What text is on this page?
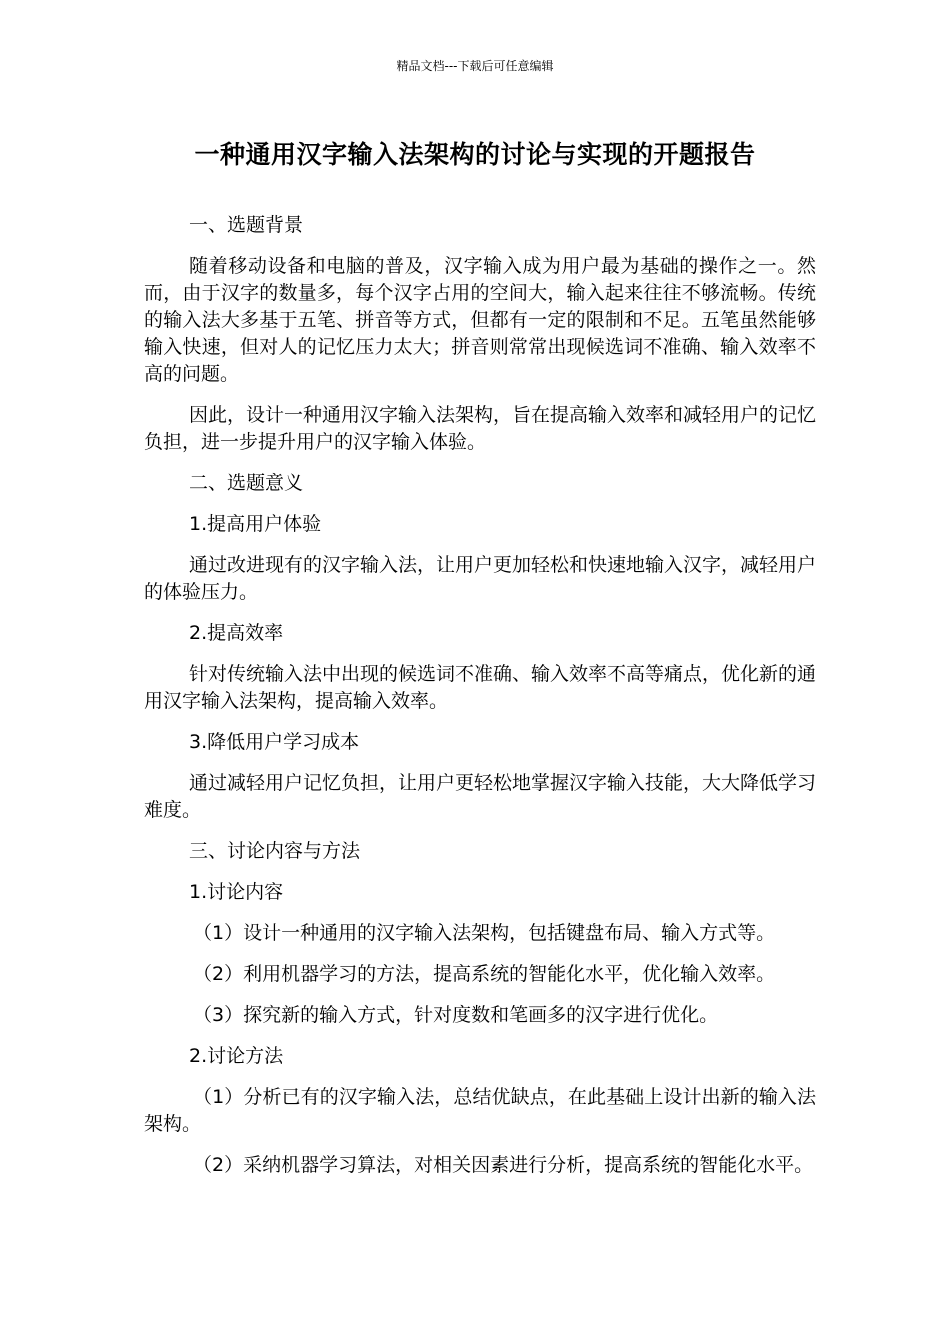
精品文档---下载后可任意编辑
一种通用汉字输入法架构的讨论与实现的开题报告

一、选题背景

随着移动设备和电脑的普及，汉字输入成为用户最为基础的操作之一。然而，由于汉字的数量多，每个汉字占用的空间大，输入起来往往不够流畅。传统的输入法大多基于五笔、拼音等方式，但都有一定的限制和不足。五笔虽然能够输入快速，但对人的记忆压力太大；拼音则常常出现候选词不准确、输入效率不高的问题。

因此，设计一种通用汉字输入法架构，旨在提高输入效率和减轻用户的记忆负担，进一步提升用户的汉字输入体验。

二、选题意义

1.提高用户体验

通过改进现有的汉字输入法，让用户更加轻松和快速地输入汉字，减轻用户的体验压力。

2.提高效率

针对传统输入法中出现的候选词不准确、输入效率不高等痛点，优化新的通用汉字输入法架构，提高输入效率。

3.降低用户学习成本

通过减轻用户记忆负担，让用户更轻松地掌握汉字输入技能，大大降低学习难度。

三、讨论内容与方法

1.讨论内容

（1）设计一种通用的汉字输入法架构，包括键盘布局、输入方式等。

（2）利用机器学习的方法，提高系统的智能化水平，优化输入效率。

（3）探究新的输入方式，针对度数和笔画多的汉字进行优化。

2.讨论方法

（1）分析已有的汉字输入法，总结优缺点，在此基础上设计出新的输入法架构。

（2）采纳机器学习算法，对相关因素进行分析，提高系统的智能化水平。
